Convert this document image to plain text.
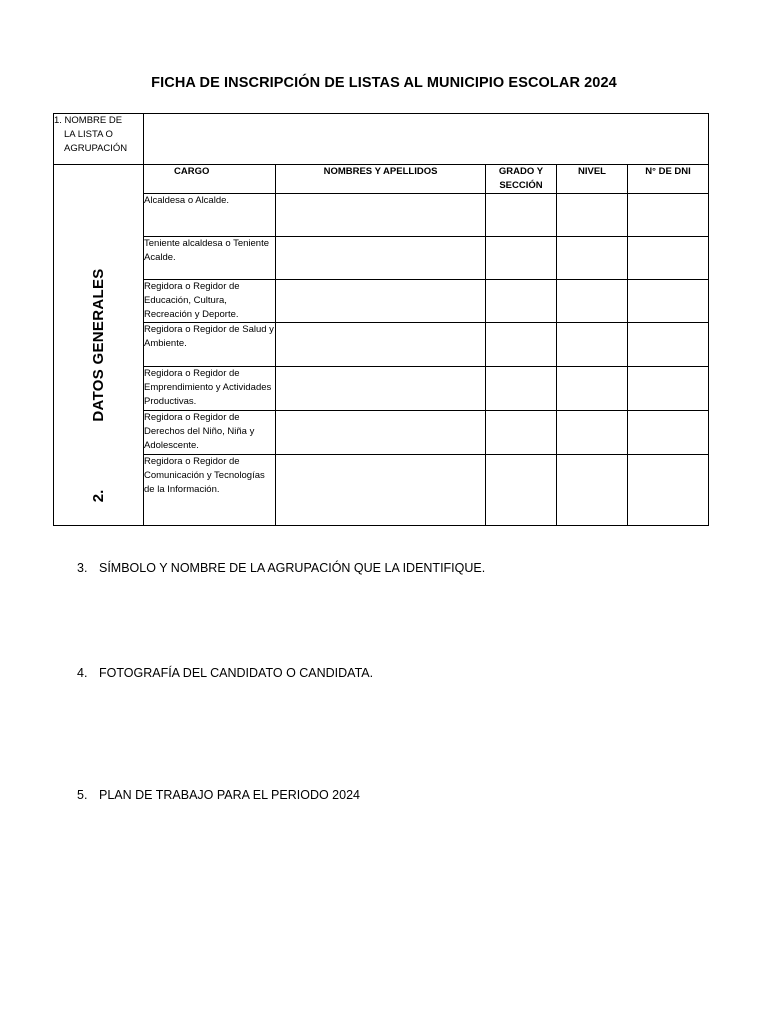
FICHA DE INSCRIPCIÓN DE LISTAS AL MUNICIPIO ESCOLAR 2024
1. NOMBRE DE
LA LISTA O
AGRUPACIÓN					

DATOS GENERALES
2.	CARGO	NOMBRES Y APELLIDOS	GRADO Y SECCIÓN	NIVEL	N° DE DNI
	Alcaldesa o Alcalde.				
	Teniente alcaldesa o Teniente Acalde.				
	Regidora o Regidor de Educación, Cultura, Recreación y Deporte.				
	Regidora o Regidor de Salud y Ambiente.				
	Regidora o Regidor de Emprendimiento y Actividades Productivas.				
	Regidora o Regidor de Derechos del Niño, Niña y Adolescente.				
	Regidora o Regidor de Comunicación y Tecnologías de la Información.				
3. SÍMBOLO Y NOMBRE DE LA AGRUPACIÓN QUE LA IDENTIFIQUE.
4. FOTOGRAFÍA DEL CANDIDATO O CANDIDATA.
5. PLAN DE TRABAJO PARA EL PERIODO 2024
